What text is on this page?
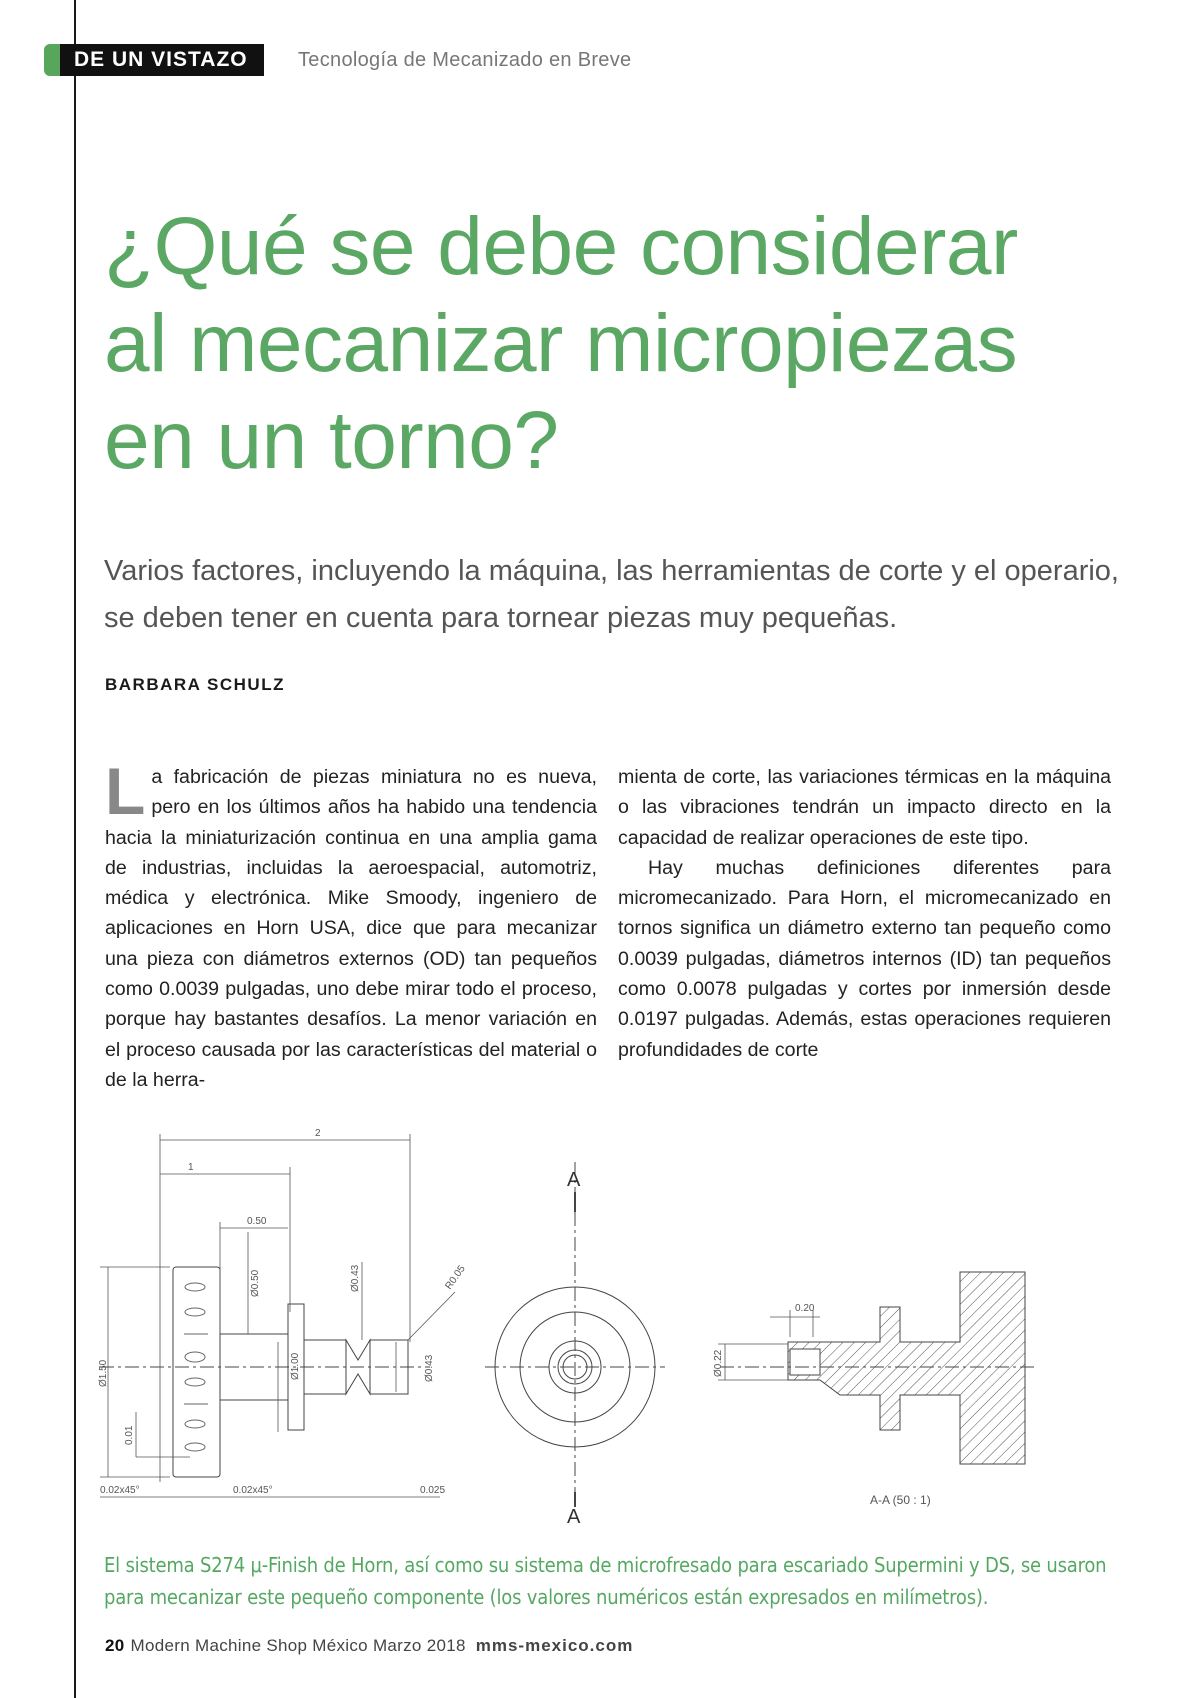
DE UN VISTAZO	Tecnología de Mecanizado en Breve
¿Qué se debe considerar
al mecanizar micropiezas
en un torno?

Varios factores, incluyendo la máquina, las herramientas de corte y el operario, se deben tener en cuenta para tornear piezas muy pequeñas.

BARBARA SCHULZ
La fabricación de piezas miniatura no es nueva, pero en los últimos años ha habido una tendencia hacia la miniaturización continua en una amplia gama de industrias, incluidas la aeroespacial, automotriz, médica y electrónica. Mike Smoody, ingeniero de aplicaciones en Horn USA, dice que para mecanizar una pieza con diámetros externos (OD) tan pequeños como 0.0039 pulgadas, uno debe mirar todo el proceso, porque hay bastantes desafíos. La menor variación en el proceso causada por las características del material o de la herra-

mienta de corte, las variaciones térmicas en la máquina o las vibraciones tendrán un impacto directo en la capacidad de realizar operaciones de este tipo.

Hay muchas definiciones diferentes para micromecanizado. Para Horn, el micromecanizado en tornos significa un diámetro externo tan pequeño como 0.0039 pulgadas, diámetros internos (ID) tan pequeños como 0.0078 pulgadas y cortes por inmersión desde 0.0197 pulgadas. Además, estas operaciones requieren profundidades de corte

2
1
0.50
Ø0.50	Ø0.43	R0.05
Ø1.50	Ø1.00	Ø0.43
0.01
0.02x45°	0.02x45°	0.025
0.20
Ø0.22
A-A (50 : 1)
A
A

El sistema S274 μ-Finish de Horn, así como su sistema de microfresado para escariado Supermini y DS, se usaron para mecanizar este pequeño componente (los valores numéricos están expresados en milímetros).

20 Modern Machine Shop México Marzo 2018 mms-mexico.com
